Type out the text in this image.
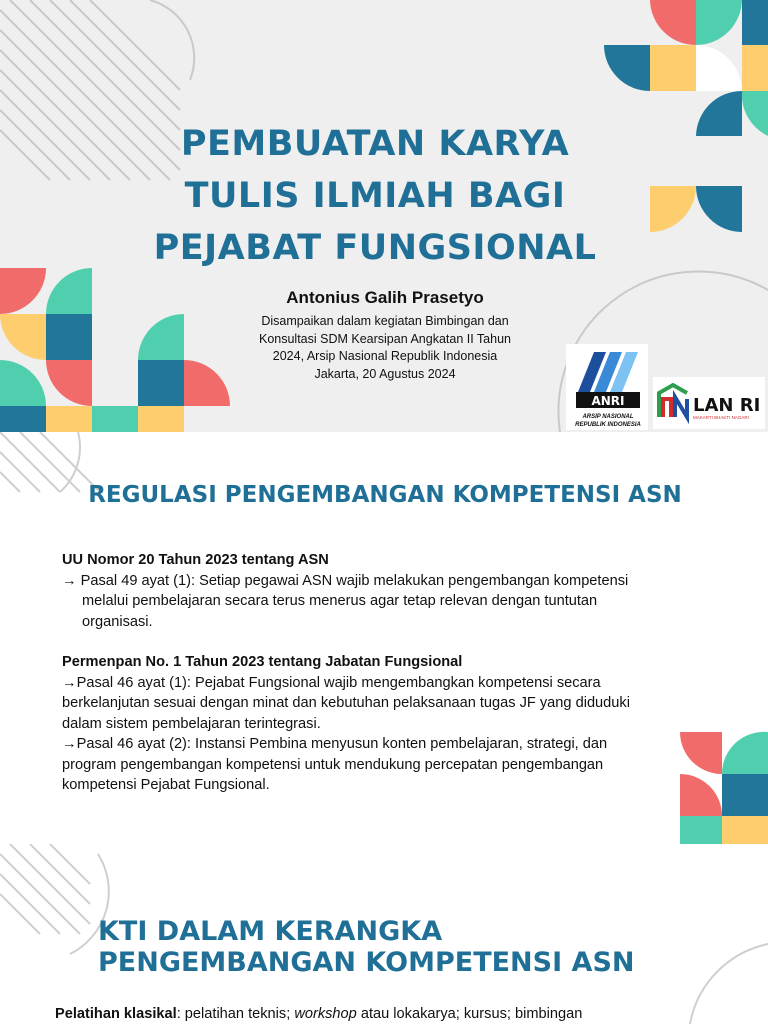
PEMBUATAN KARYA
TULIS ILMIAH BAGI
PEJABAT FUNGSIONAL
Antonius Galih Prasetyo
Disampaikan dalam kegiatan Bimbingan dan
Konsultasi SDM Kearsipan Angkatan II Tahun
2024, Arsip Nasional Republik Indonesia
Jakarta, 20 Agustus 2024
ANRI
ARSIP NASIONAL
REPUBLIK INDONESIA
LAN RI
MAKARTI BHAKTI NAGARI
REGULASI PENGEMBANGAN KOMPETENSI ASN
UU Nomor 20 Tahun 2023 tentang ASN
→ Pasal 49 ayat (1): Setiap pegawai ASN wajib melakukan pengembangan kompetensi
melalui pembelajaran secara terus menerus agar tetap relevan dengan tuntutan
organisasi.
Permenpan No. 1 Tahun 2023 tentang Jabatan Fungsional
→Pasal 46 ayat (1): Pejabat Fungsional wajib mengembangkan kompetensi secara
berkelanjutan sesuai dengan minat dan kebutuhan pelaksanaan tugas JF yang diduduki
dalam sistem pembelajaran terintegrasi.
→Pasal 46 ayat (2): Instansi Pembina menyusun konten pembelajaran, strategi, dan
program pengembangan kompetensi untuk mendukung percepatan pengembangan
kompetensi Pejabat Fungsional.
KTI DALAM KERANGKA
PENGEMBANGAN KOMPETENSI ASN
Pelatihan klasikal: pelatihan teknis; workshop atau lokakarya; kursus; bimbingan
